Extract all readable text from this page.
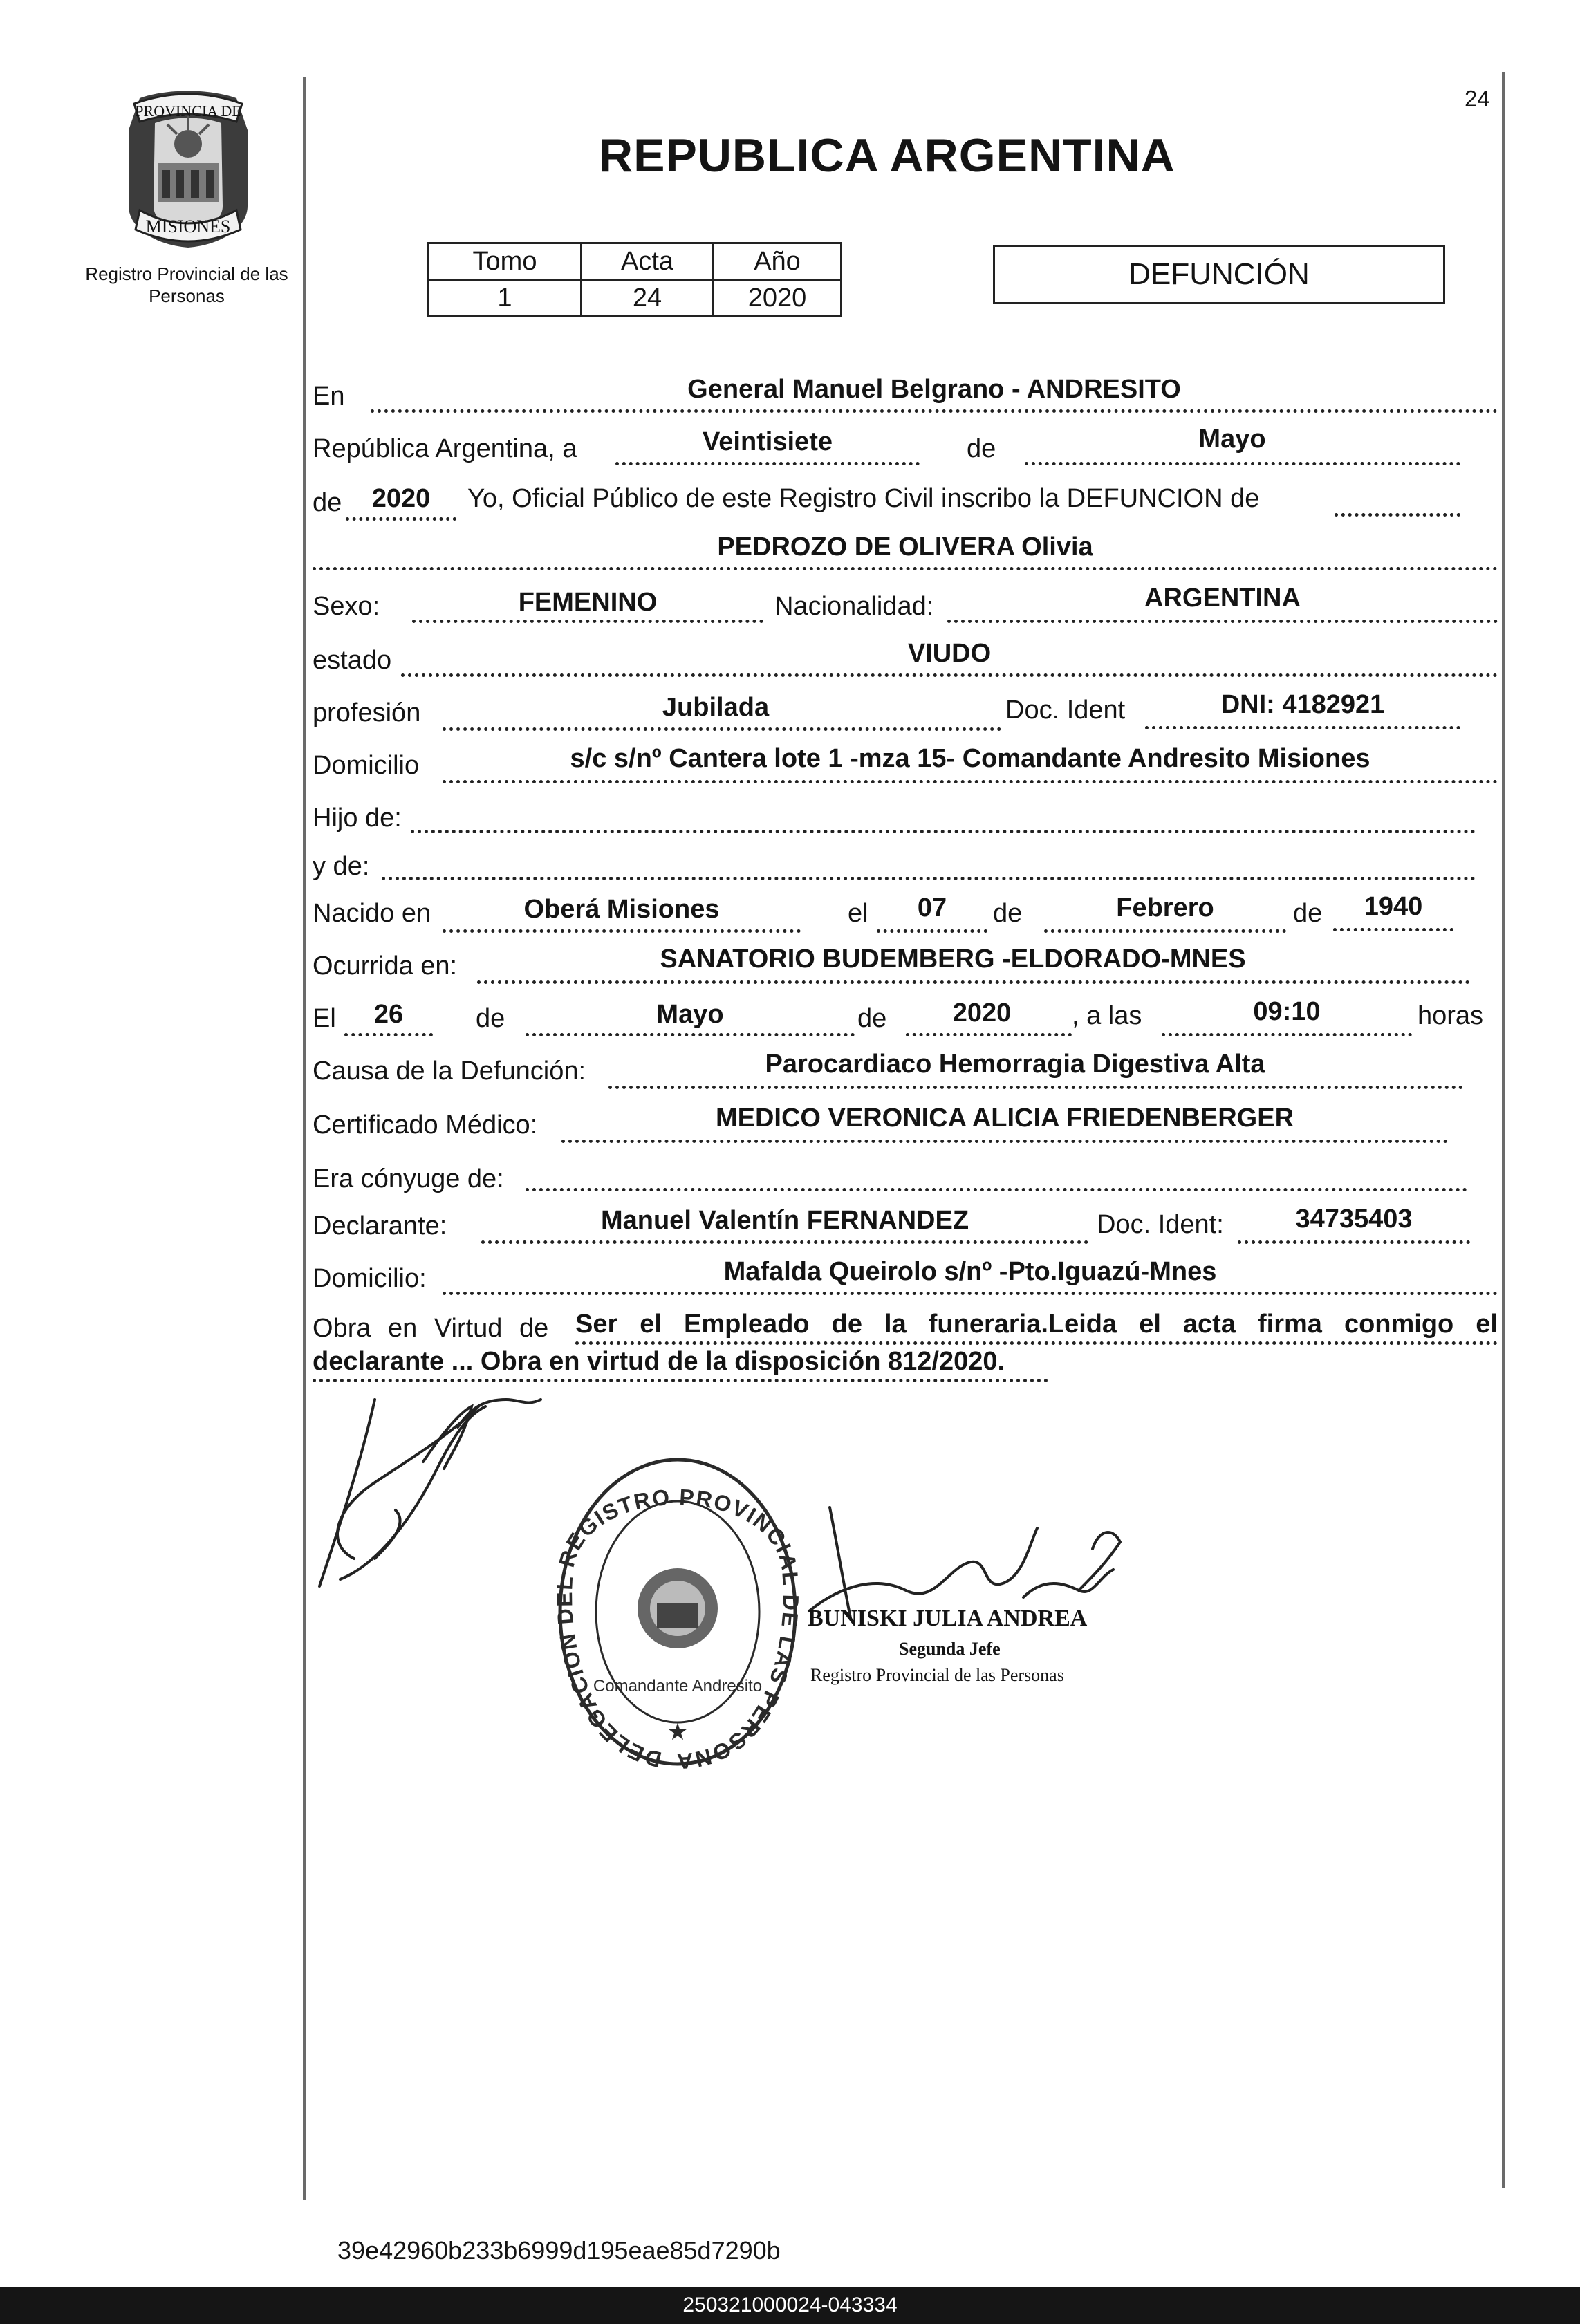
24
PROVINCIA DE
MISIONES
Registro Provincial de las Personas
REPUBLICA ARGENTINA
Tomo	Acta	Año
1	24	2020
DEFUNCIÓN
En	General Manuel Belgrano - ANDRESITO
República Argentina, a	Veintisiete	de	Mayo
de	2020	Yo, Oficial Público de este Registro Civil inscribo la DEFUNCION de
PEDROZO DE OLIVERA Olivia
Sexo:	FEMENINO	Nacionalidad:	ARGENTINA
estado	VIUDO
profesión	Jubilada	Doc. Ident	DNI: 4182921
Domicilio	s/c s/nº Cantera lote 1 -mza 15- Comandante Andresito Misiones
Hijo de:
y de:
Nacido en	Oberá Misiones	el	07	de	Febrero	de	1940
Ocurrida en:	SANATORIO BUDEMBERG -ELDORADO-MNES
El	26	de	Mayo	de	2020	, a las	09:10	horas
Causa de la Defunción:	Parocardiaco Hemorragia Digestiva Alta
Certificado Médico:	MEDICO VERONICA ALICIA FRIEDENBERGER
Era cónyuge de:
Declarante:	Manuel Valentín FERNANDEZ	Doc. Ident:	34735403
Domicilio:	Mafalda Queirolo s/nº -Pto.Iguazú-Mnes
Obra en Virtud de Ser el Empleado de la funeraria.Leida el acta firma conmigo el
declarante ... Obra en virtud de la disposición 812/2020.
DELEGACION DEL REGISTRO PROVINCIAL DE LAS PERSONA
Comandante Andresito
★
BUNISKI JULIA ANDREA
Segunda Jefe
Registro Provincial de las Personas
39e42960b233b6999d195eae85d7290b
250321000024-043334
